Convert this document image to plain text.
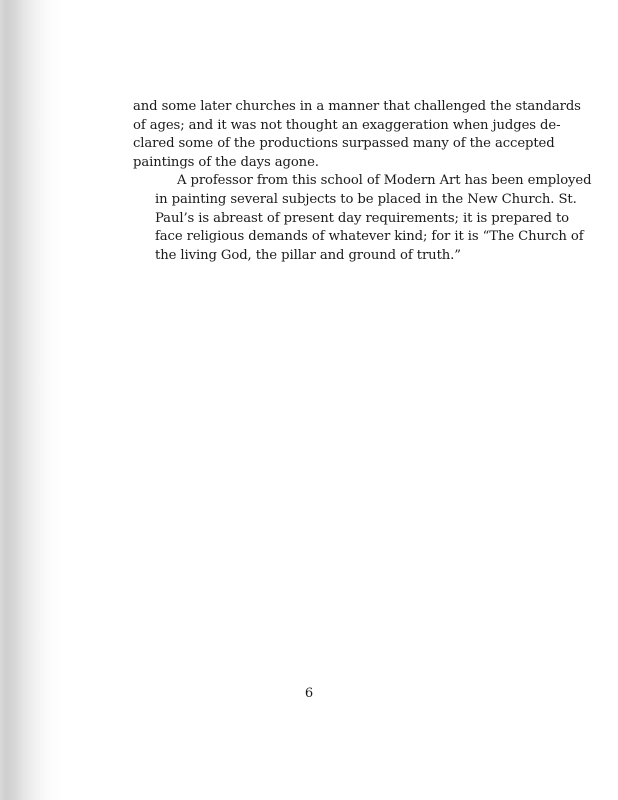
and some later churches in a manner that challenged the standards
of ages; and it was not thought an exaggeration when judges de-
clared some of the productions surpassed many of the accepted
paintings of the days agone.

A professor from this school of Modern Art has been employed
in painting several subjects to be placed in the New Church. St.
Paul’s is abreast of present day requirements; it is prepared to
face religious demands of whatever kind; for it is “The Church of
the living God, the pillar and ground of truth.”

6
